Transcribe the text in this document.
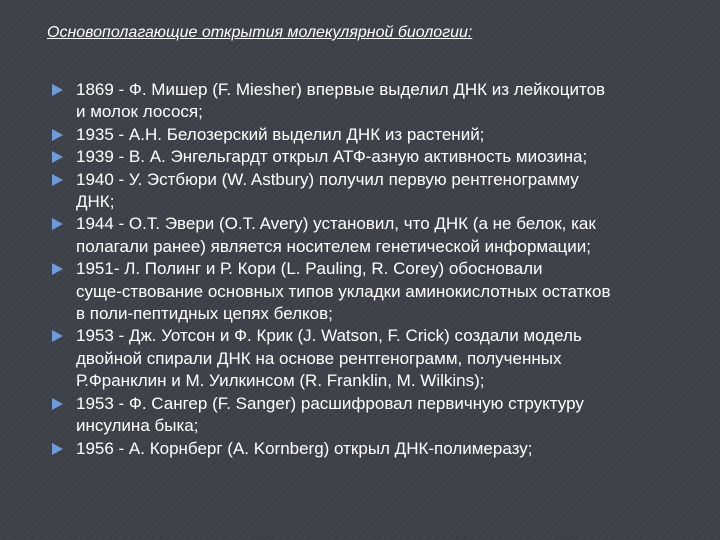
Основополагающие открытия молекулярной биологии:
1869 - Ф. Мишер (F. Miesher) впервые выделил ДНК из лейкоцитов
и молок лосося;
1935 - А.Н. Белозерский выделил ДНК из растений;
1939 - В. А. Энгельгардт открыл АТФ-азную активность миозина;
1940 - У. Эстбюри (W. Astbury) получил первую рентгенограмму
ДНК;
1944 - О.Т. Эвери (O.T. Avery) установил, что ДНК (а не белок, как
полагали ранее) является носителем генетической информации;
1951- Л. Полинг и Р. Кори (L. Pauling, R. Corey) обосновали
суще-ствование основных типов укладки аминокислотных остатков
в поли-пептидных цепях белков;
1953 - Дж. Уотсон и Ф. Крик (J. Watson, F. Crick) создали модель
двойной спирали ДНК на основе рентгенограмм, полученных
Р.Франклин и М. Уилкинсом (R. Franklin, M. Wilkins);
1953 - Ф. Сангер (F. Sanger) расшифровал первичную структуру
инсулина быка;
1956 - А. Корнберг (A. Kornberg) открыл ДНК-полимеразу;
